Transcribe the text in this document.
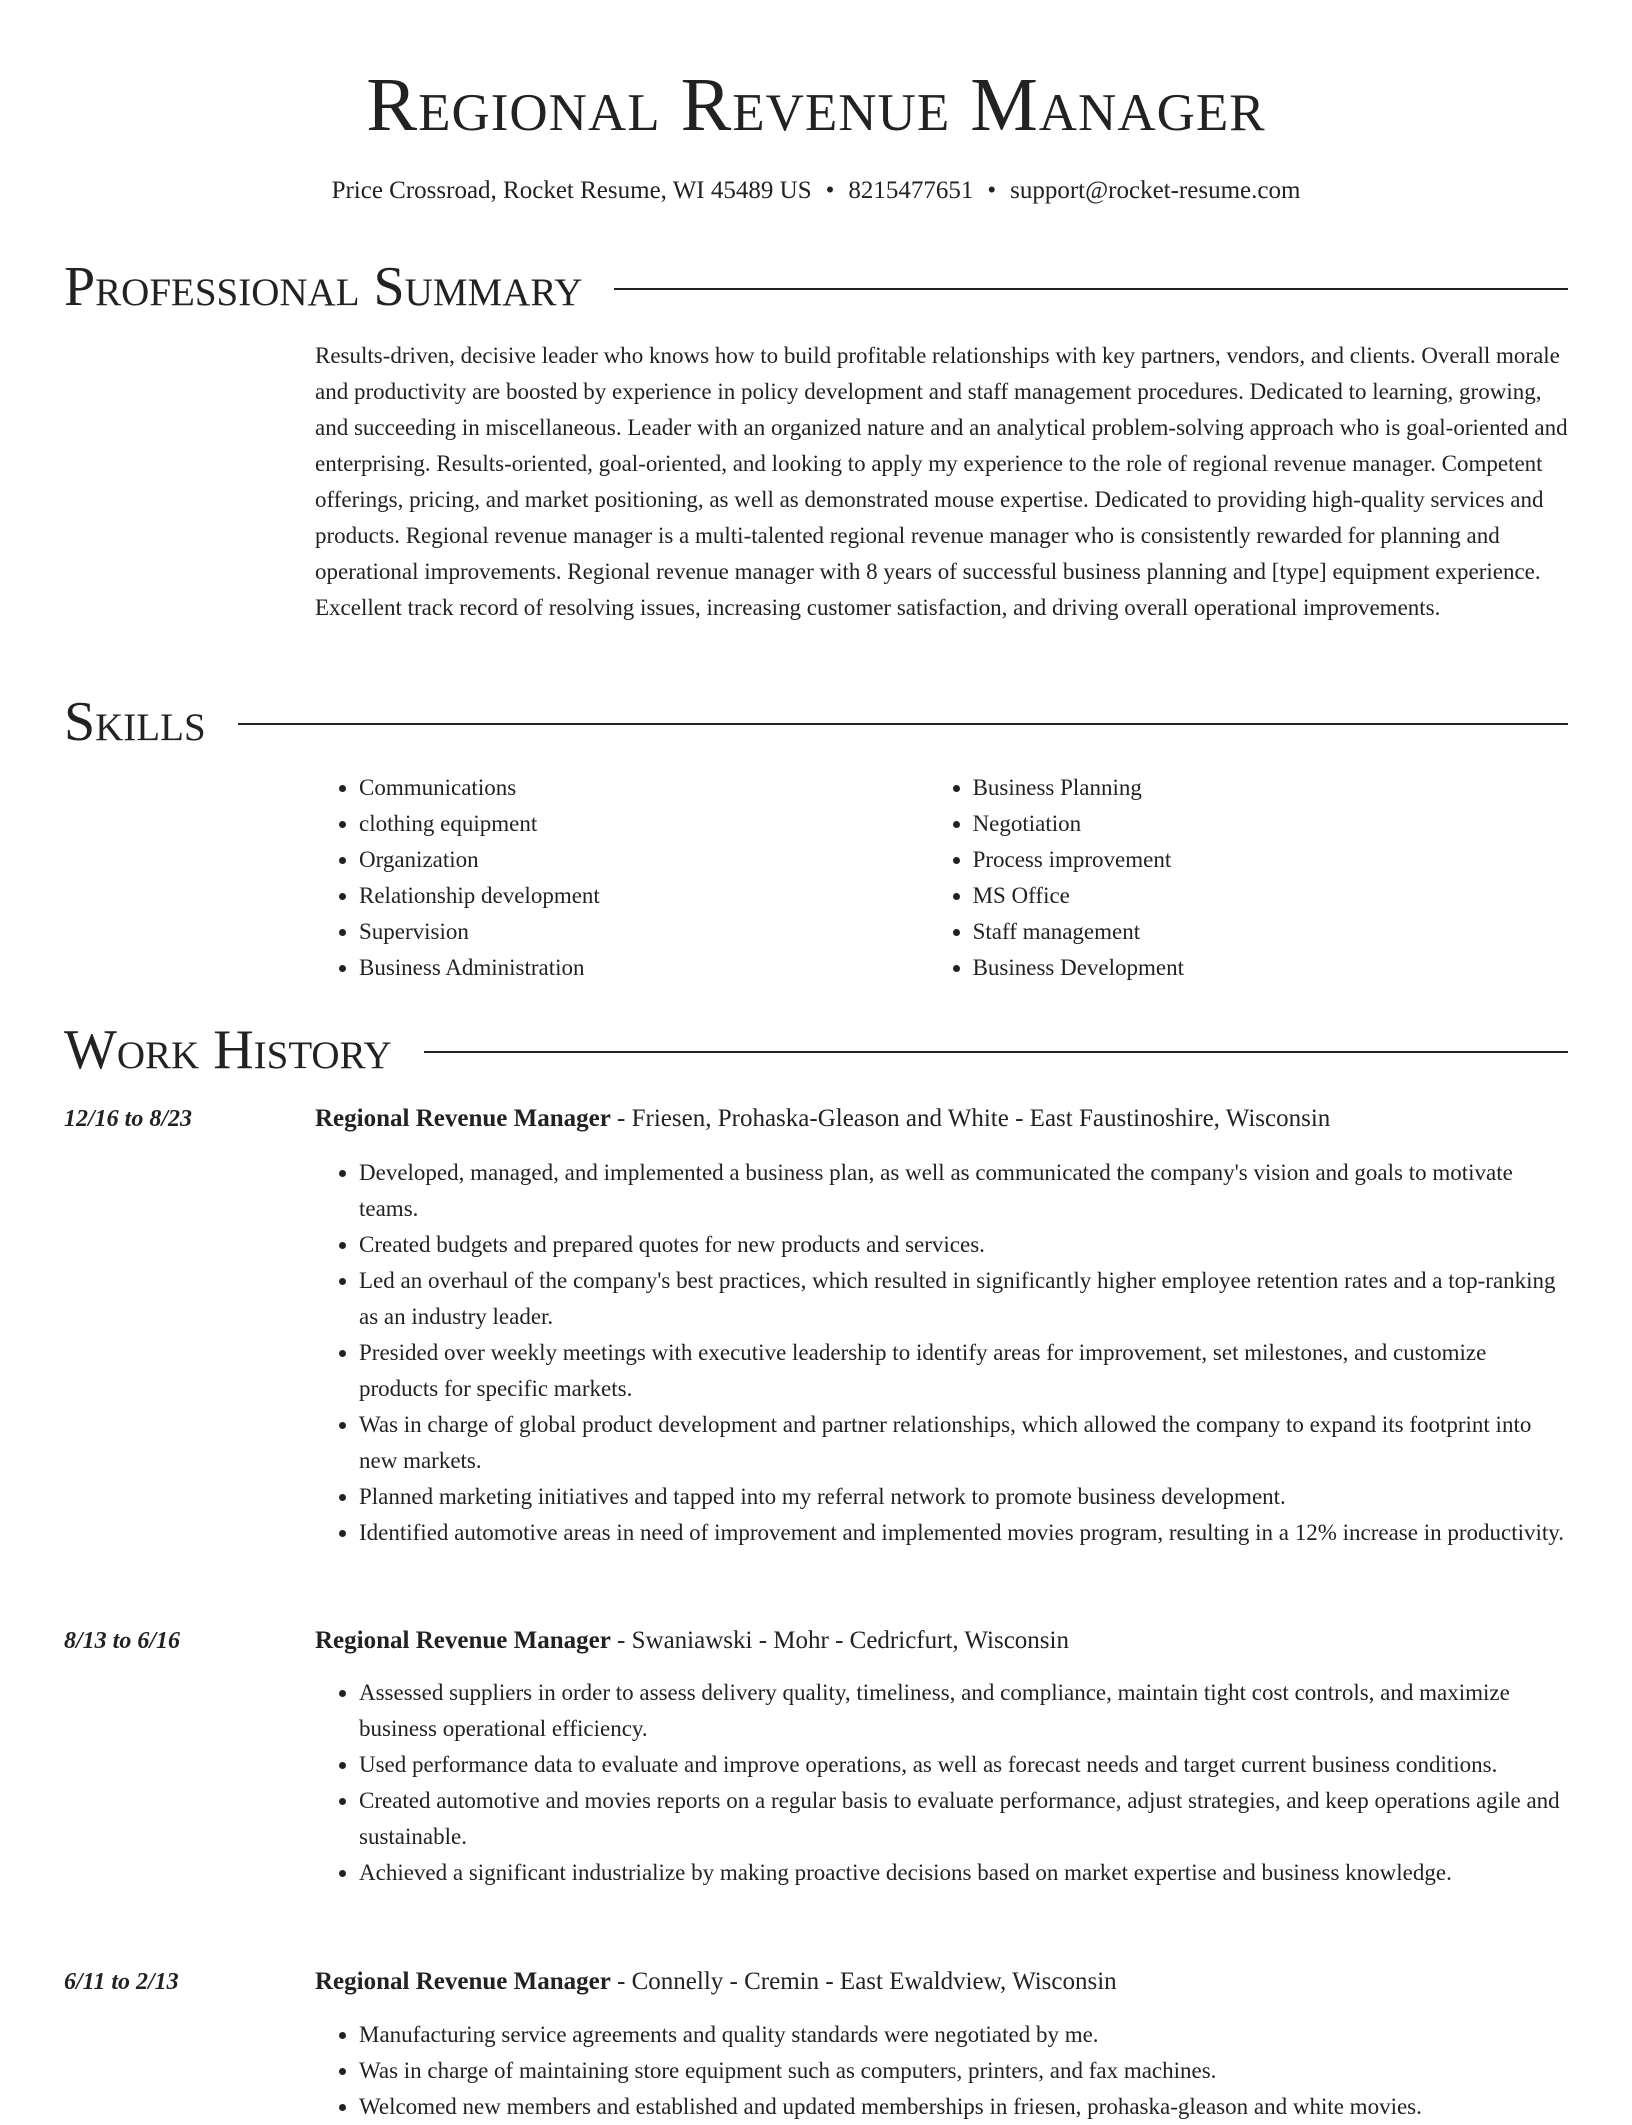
Regional Revenue Manager
Price Crossroad, Rocket Resume, WI 45489 US • 8215477651 • support@rocket-resume.com
Professional Summary

Results-driven, decisive leader who knows how to build profitable relationships with key partners, vendors, and clients. Overall morale and productivity are boosted by experience in policy development and staff management procedures. Dedicated to learning, growing, and succeeding in miscellaneous. Leader with an organized nature and an analytical problem-solving approach who is goal-oriented and enterprising. Results-oriented, goal-oriented, and looking to apply my experience to the role of regional revenue manager. Competent offerings, pricing, and market positioning, as well as demonstrated mouse expertise. Dedicated to providing high-quality services and products. Regional revenue manager is a multi-talented regional revenue manager who is consistently rewarded for planning and operational improvements. Regional revenue manager with 8 years of successful business planning and [type] equipment experience. Excellent track record of resolving issues, increasing customer satisfaction, and driving overall operational improvements.

Skills
• Communications
• clothing equipment
• Organization
• Relationship development
• Supervision
• Business Administration
• Business Planning
• Negotiation
• Process improvement
• MS Office
• Staff management
• Business Development
Work History
12/16 to 8/23	Regional Revenue Manager - Friesen, Prohaska-Gleason and White - East Faustinoshire, Wisconsin
• Developed, managed, and implemented a business plan, as well as communicated the company's vision and goals to motivate teams.
• Created budgets and prepared quotes for new products and services.
• Led an overhaul of the company's best practices, which resulted in significantly higher employee retention rates and a top-ranking as an industry leader.
• Presided over weekly meetings with executive leadership to identify areas for improvement, set milestones, and customize products for specific markets.
• Was in charge of global product development and partner relationships, which allowed the company to expand its footprint into new markets.
• Planned marketing initiatives and tapped into my referral network to promote business development.
• Identified automotive areas in need of improvement and implemented movies program, resulting in a 12% increase in productivity.
8/13 to 6/16	Regional Revenue Manager - Swaniawski - Mohr - Cedricfurt, Wisconsin
• Assessed suppliers in order to assess delivery quality, timeliness, and compliance, maintain tight cost controls, and maximize business operational efficiency.
• Used performance data to evaluate and improve operations, as well as forecast needs and target current business conditions.
• Created automotive and movies reports on a regular basis to evaluate performance, adjust strategies, and keep operations agile and sustainable.
• Achieved a significant industrialize by making proactive decisions based on market expertise and business knowledge.
6/11 to 2/13	Regional Revenue Manager - Connelly - Cremin - East Ewaldview, Wisconsin
• Manufacturing service agreements and quality standards were negotiated by me.
• Was in charge of maintaining store equipment such as computers, printers, and fax machines.
• Welcomed new members and established and updated memberships in friesen, prohaska-gleason and white movies.
